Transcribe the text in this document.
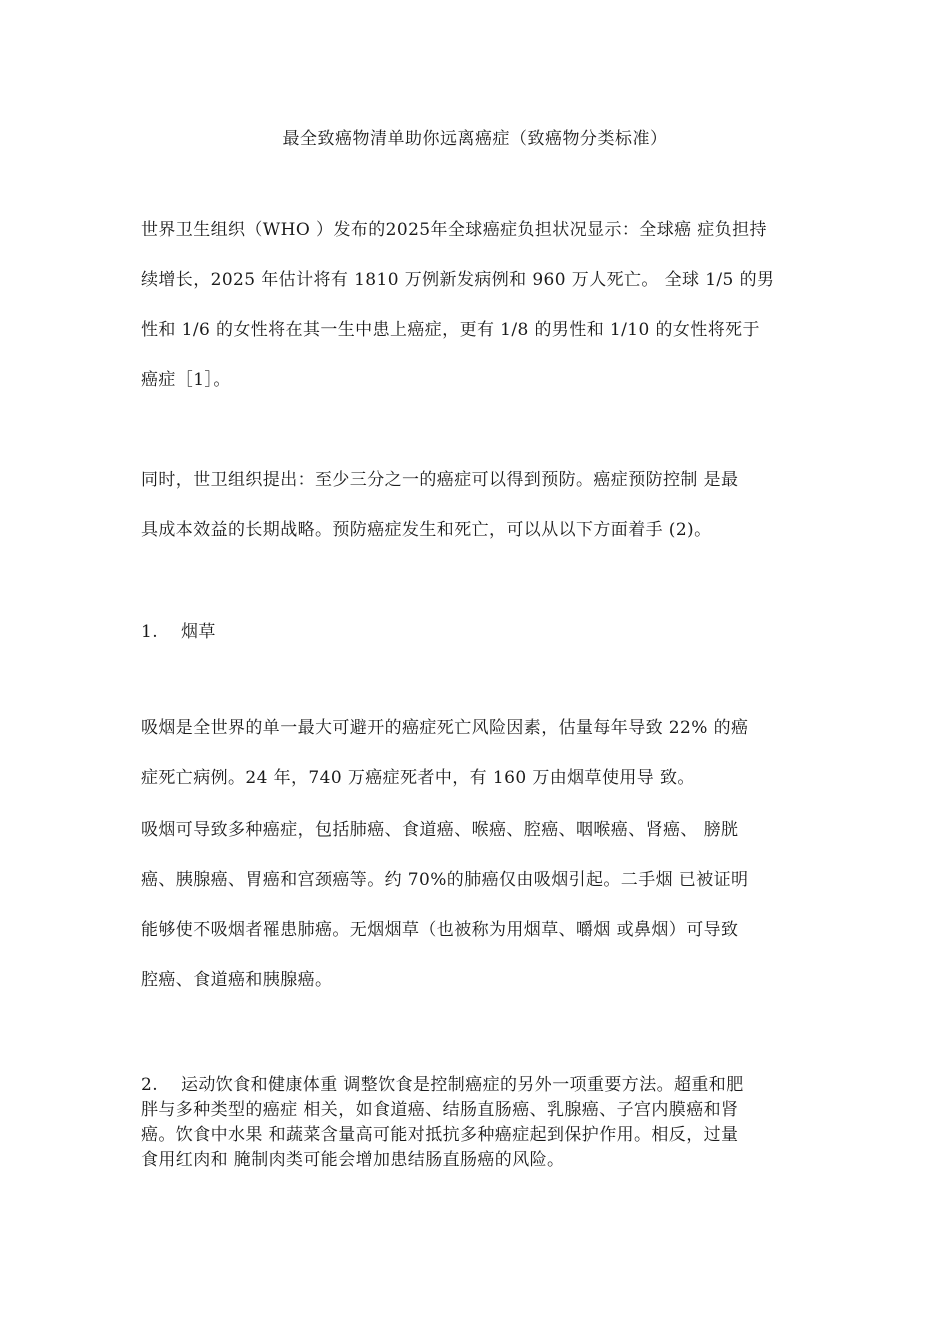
最全致癌物清单助你远离癌症（致癌物分类标准）
世界卫生组织（WHO ）发布的2025年全球癌症负担状况显示：全球癌 症负担持
续增长，2025 年估计将有 1810 万例新发病例和 960 万人死亡。 全球 1/5 的男
性和 1/6 的女性将在其一生中患上癌症，更有 1/8 的男性和 1/10 的女性将死于
癌症［1］。
同时，世卫组织提出：至少三分之一的癌症可以得到预防。癌症预防控制 是最
具成本效益的长期战略。预防癌症发生和死亡，可以从以下方面着手 (2)。
1. 烟草
吸烟是全世界的单一最大可避开的癌症死亡风险因素，估量每年导致 22% 的癌
症死亡病例。24 年，740 万癌症死者中，有 160 万由烟草使用导 致。
吸烟可导致多种癌症，包括肺癌、食道癌、喉癌、腔癌、咽喉癌、肾癌、 膀胱
癌、胰腺癌、胃癌和宫颈癌等。约 70%的肺癌仅由吸烟引起。二手烟 已被证明
能够使不吸烟者罹患肺癌。无烟烟草（也被称为用烟草、嚼烟 或鼻烟）可导致
腔癌、食道癌和胰腺癌。
2. 运动饮食和健康体重 调整饮食是控制癌症的另外一项重要方法。超重和肥
胖与多种类型的癌症 相关，如食道癌、结肠直肠癌、乳腺癌、子宫内膜癌和肾
癌。饮食中水果 和蔬菜含量高可能对抵抗多种癌症起到保护作用。相反，过量
食用红肉和 腌制肉类可能会增加患结肠直肠癌的风险。
